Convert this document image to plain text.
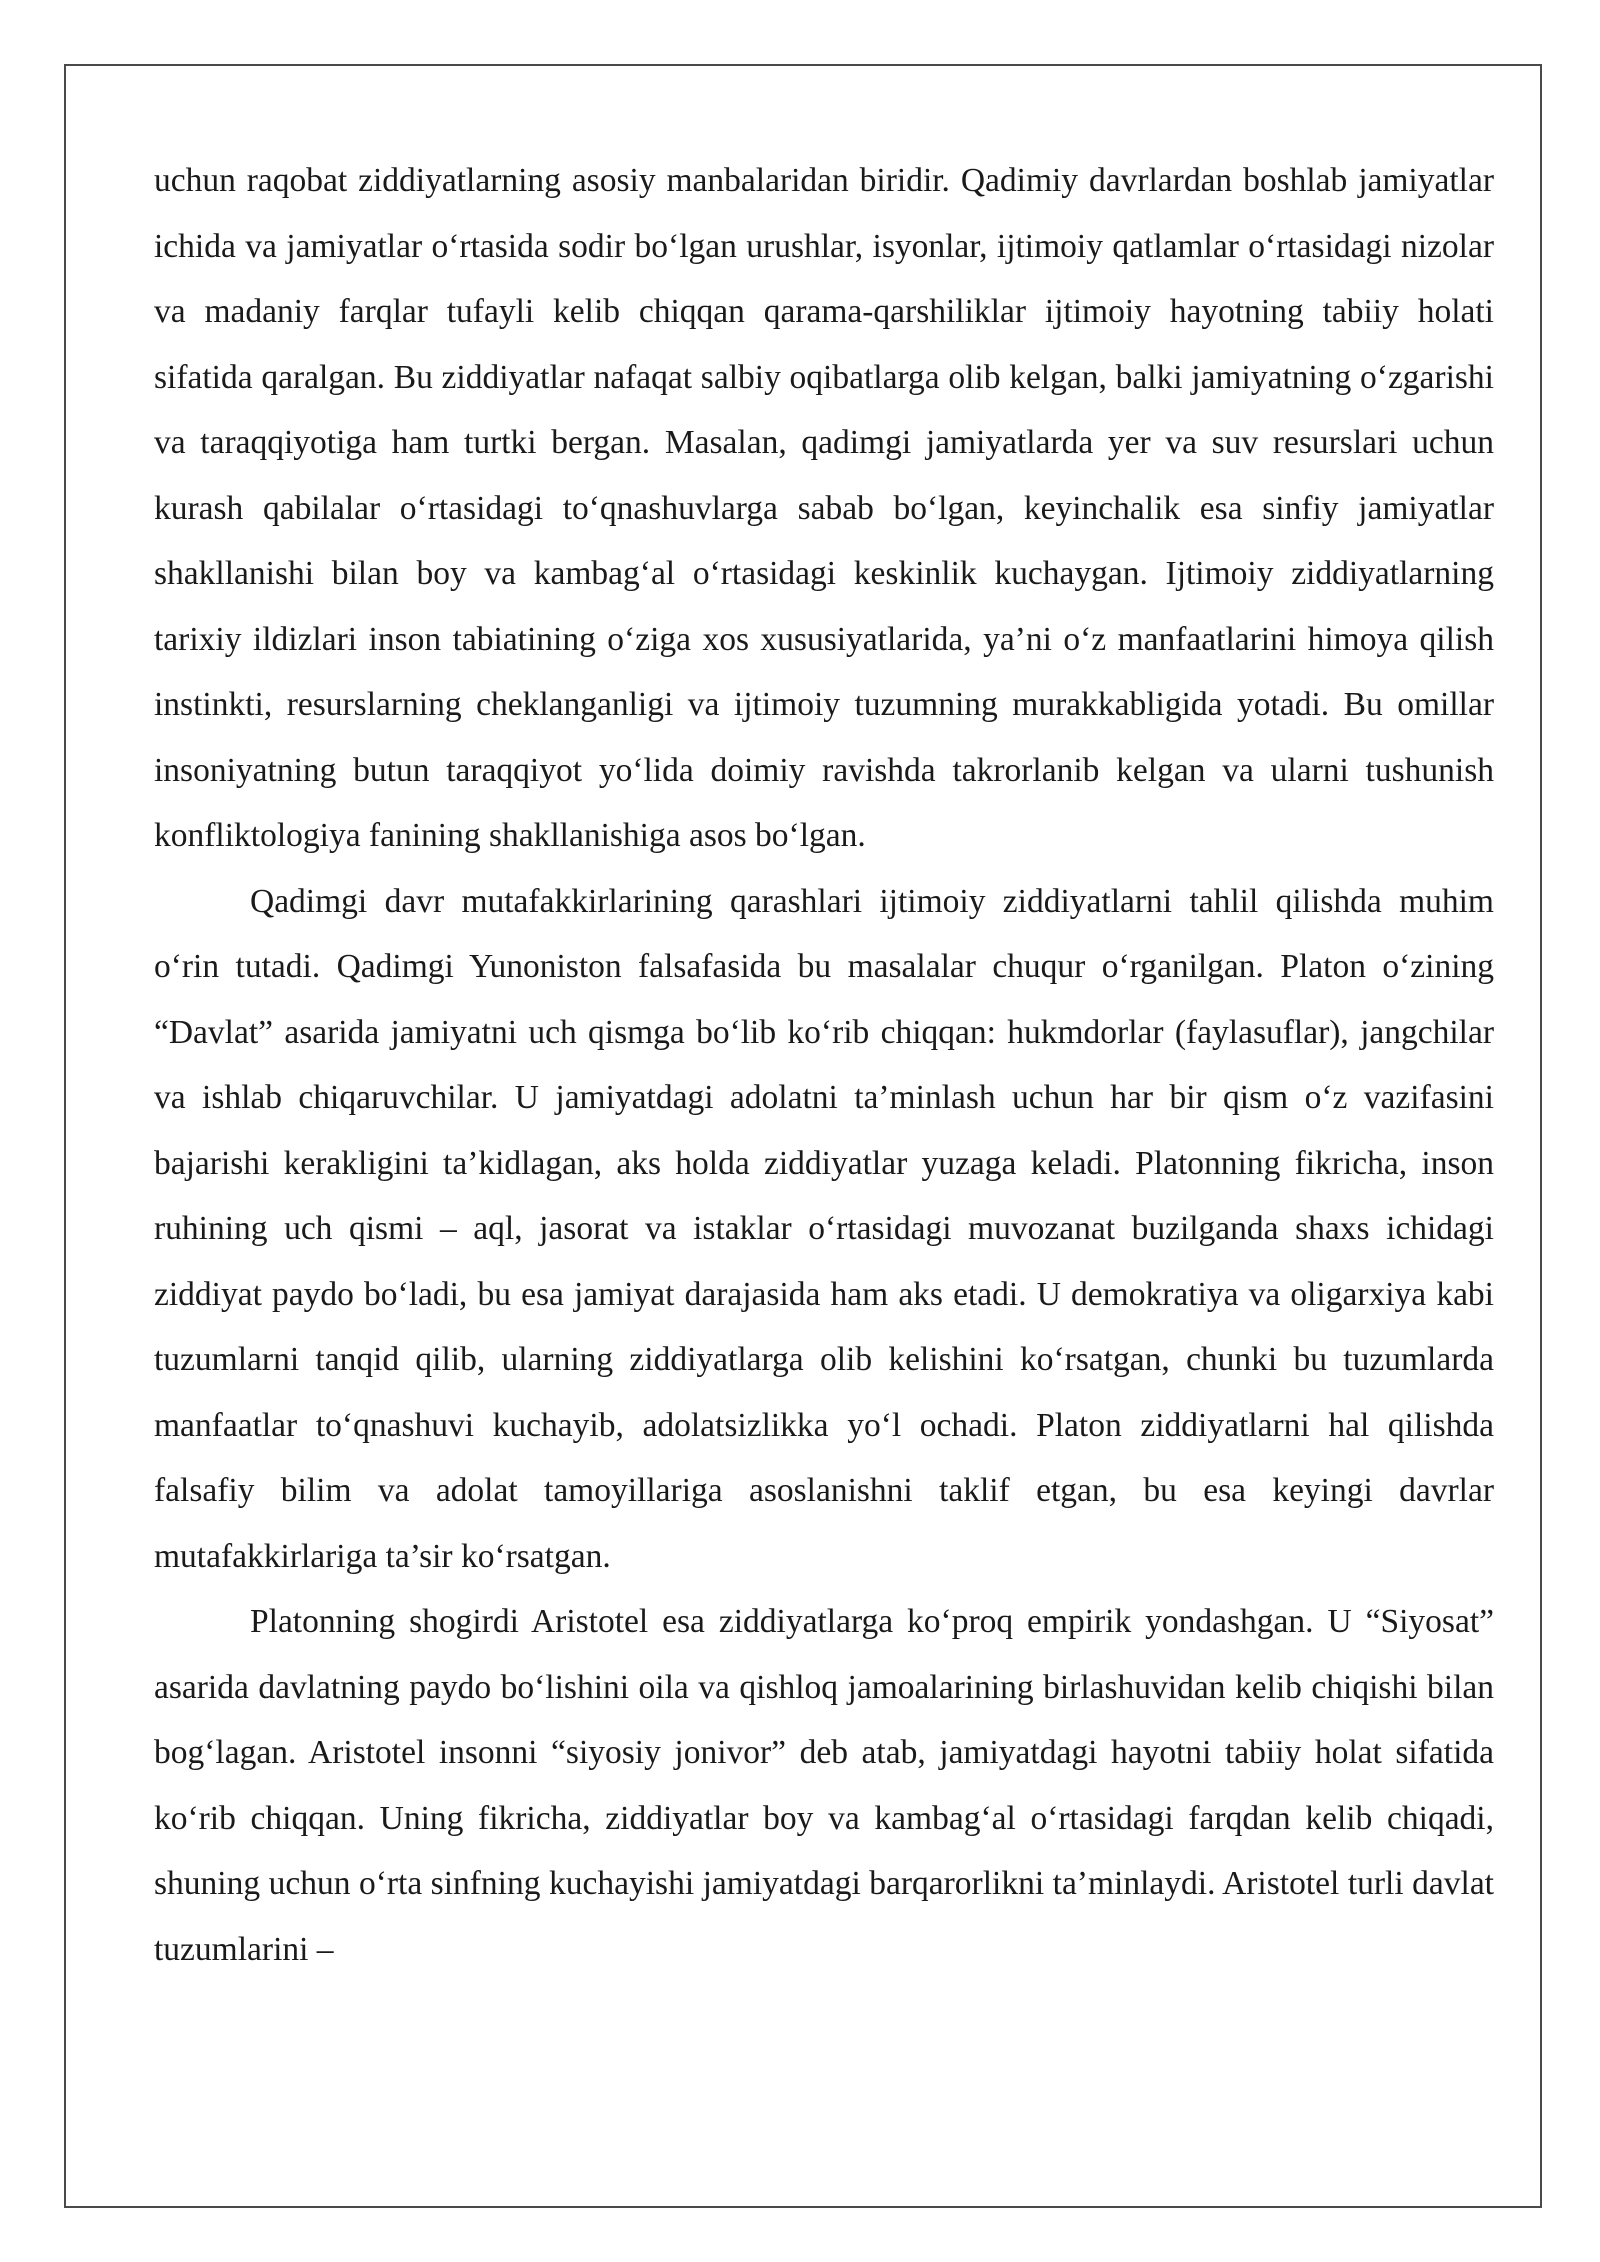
uchun raqobat ziddiyatlarning asosiy manbalaridan biridir. Qadimiy davrlardan boshlab jamiyatlar ichida va jamiyatlar o‘rtasida sodir bo‘lgan urushlar, isyonlar, ijtimoiy qatlamlar o‘rtasidagi nizolar va madaniy farqlar tufayli kelib chiqqan qarama-qarshiliklar ijtimoiy hayotning tabiiy holati sifatida qaralgan. Bu ziddiyatlar nafaqat salbiy oqibatlarga olib kelgan, balki jamiyatning o‘zgarishi va taraqqiyotiga ham turtki bergan. Masalan, qadimgi jamiyatlarda yer va suv resurslari uchun kurash qabilalar o‘rtasidagi to‘qnashuvlarga sabab bo‘lgan, keyinchalik esa sinfiy jamiyatlar shakllanishi bilan boy va kambag‘al o‘rtasidagi keskinlik kuchaygan. Ijtimoiy ziddiyatlarning tarixiy ildizlari inson tabiatining o‘ziga xos xususiyatlarida, ya’ni o‘z manfaatlarini himoya qilish instinkti, resurslarning cheklanganligi va ijtimoiy tuzumning murakkabligida yotadi. Bu omillar insoniyatning butun taraqqiyot yo‘lida doimiy ravishda takrorlanib kelgan va ularni tushunish konfliktologiya fanining shakllanishiga asos bo‘lgan.

Qadimgi davr mutafakkirlarining qarashlari ijtimoiy ziddiyatlarni tahlil qilishda muhim o‘rin tutadi. Qadimgi Yunoniston falsafasida bu masalalar chuqur o‘rganilgan. Platon o‘zining “Davlat” asarida jamiyatni uch qismga bo‘lib ko‘rib chiqqan: hukmdorlar (faylasuflar), jangchilar va ishlab chiqaruvchilar. U jamiyatdagi adolatni ta’minlash uchun har bir qism o‘z vazifasini bajarishi kerakligini ta’kidlagan, aks holda ziddiyatlar yuzaga keladi. Platonning fikricha, inson ruhining uch qismi – aql, jasorat va istaklar o‘rtasidagi muvozanat buzilganda shaxs ichidagi ziddiyat paydo bo‘ladi, bu esa jamiyat darajasida ham aks etadi. U demokratiya va oligarxiya kabi tuzumlarni tanqid qilib, ularning ziddiyatlarga olib kelishini ko‘rsatgan, chunki bu tuzumlarda manfaatlar to‘qnashuvi kuchayib, adolatsizlikka yo‘l ochadi. Platon ziddiyatlarni hal qilishda falsafiy bilim va adolat tamoyillariga asoslanishni taklif etgan, bu esa keyingi davrlar mutafakkirlariga ta’sir ko‘rsatgan.

Platonning shogirdi Aristotel esa ziddiyatlarga ko‘proq empirik yondashgan. U “Siyosat” asarida davlatning paydo bo‘lishini oila va qishloq jamoalarining birlashuvidan kelib chiqishi bilan bog‘lagan. Aristotel insonni “siyosiy jonivor” deb atab, jamiyatdagi hayotni tabiiy holat sifatida ko‘rib chiqqan. Uning fikricha, ziddiyatlar boy va kambag‘al o‘rtasidagi farqdan kelib chiqadi, shuning uchun o‘rta sinfning kuchayishi jamiyatdagi barqarorlikni ta’minlaydi. Aristotel turli davlat tuzumlarini –
